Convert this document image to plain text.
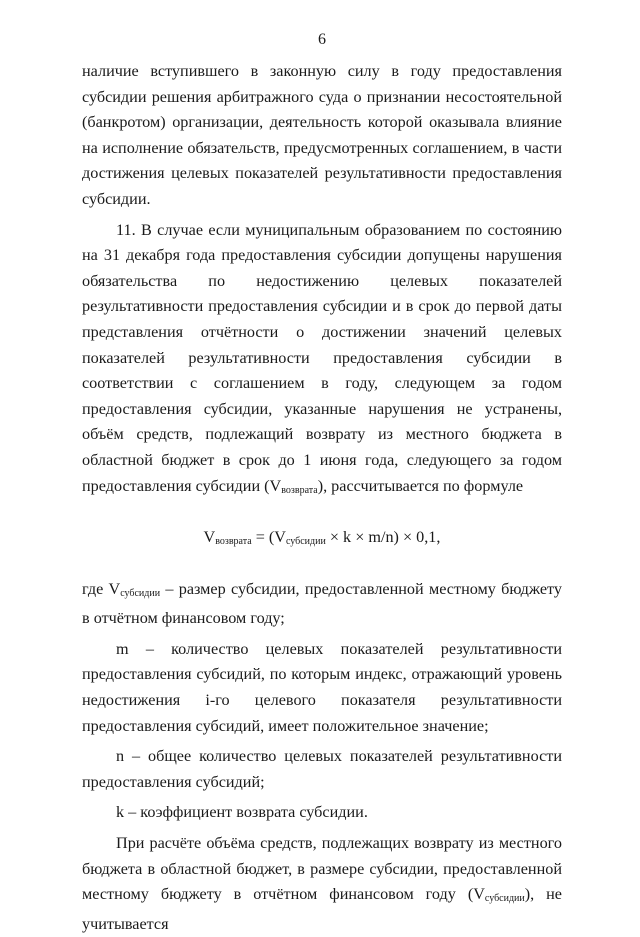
6

наличие вступившего в законную силу в году предоставления субсидии решения арбитражного суда о признании несостоятельной (банкротом) организации, деятельность которой оказывала влияние на исполнение обязательств, предусмотренных соглашением, в части достижения целевых показателей результативности предоставления субсидии.

11. В случае если муниципальным образованием по состоянию на 31 декабря года предоставления субсидии допущены нарушения обязательства по недостижению целевых показателей результативности предоставления субсидии и в срок до первой даты представления отчётности о достижении значений целевых показателей результативности предоставления субсидии в соответствии с соглашением в году, следующем за годом предоставления субсидии, указанные нарушения не устранены, объём средств, подлежащий возврату из местного бюджета в областной бюджет в срок до 1 июня года, следующего за годом предоставления субсидии $(V_{возврата})$, рассчитывается по формуле

$V_{возврата} = (V_{субсидии} \times k \times m/n) \times 0,1$,

где $V_{субсидии}$ – размер субсидии, предоставленной местному бюджету в отчётном финансовом году;

m – количество целевых показателей результативности предоставления субсидий, по которым индекс, отражающий уровень недостижения i-го целевого показателя результативности предоставления субсидий, имеет положительное значение;

n – общее количество целевых показателей результативности предоставления субсидий;

k – коэффициент возврата субсидии.

При расчёте объёма средств, подлежащих возврату из местного бюджета в областной бюджет, в размере субсидии, предоставленной местному бюджету в отчётном финансовом году $(V_{субсидии})$, не учитывается
